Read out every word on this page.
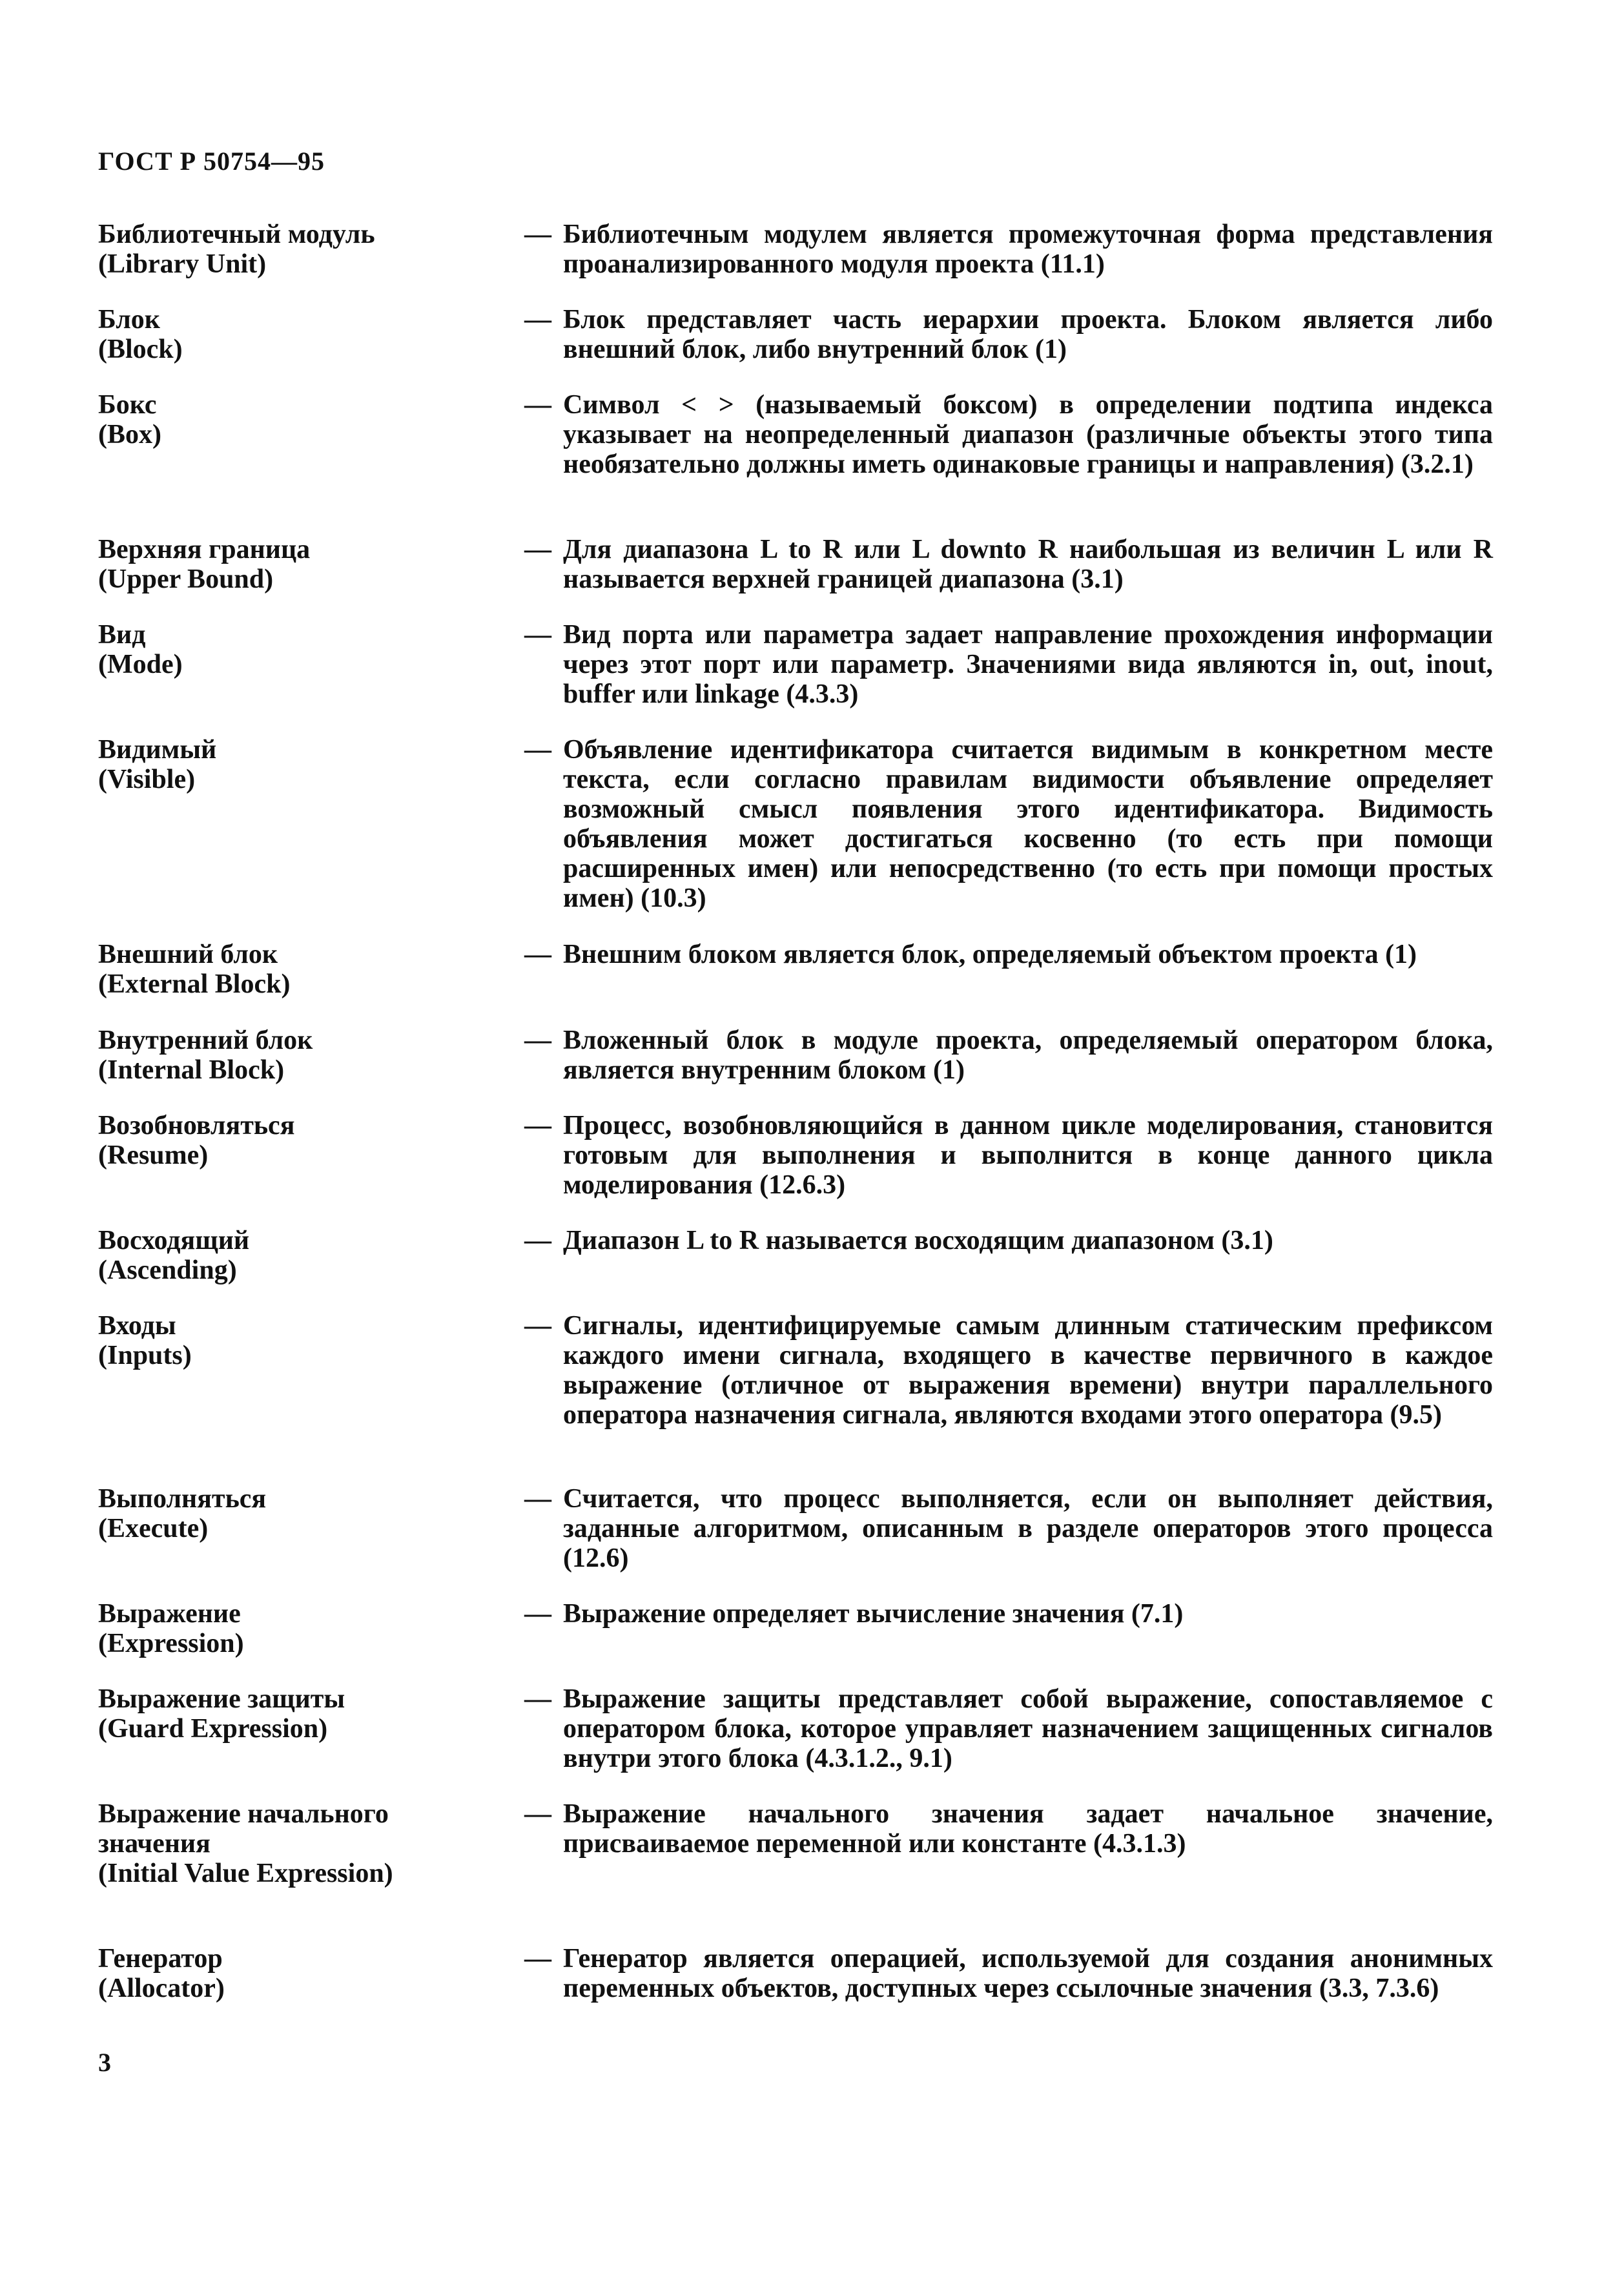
ГОСТ Р 50754—95
Библиотечный модуль
(Library Unit)
— Библиотечным модулем является промежуточная форма представления проанализированного модуля проекта (11.1)
Блок
(Block)
— Блок представляет часть иерархии проекта. Блоком является либо внешний блок, либо внутренний блок (1)
Бокс
(Box)
— Символ < > (называемый боксом) в определении подтипа индекса указывает на неопределенный диапазон (различные объекты этого типа необязательно должны иметь одинаковые границы и направления) (3.2.1)
Верхняя граница
(Upper Bound)
— Для диапазона L to R или L downto R наибольшая из величин L или R называется верхней границей диапазона (3.1)
Вид
(Mode)
— Вид порта или параметра задает направление прохождения информации через этот порт или параметр. Значениями вида являются in, out, inout, buffer или linkage (4.3.3)
Видимый
(Visible)
— Объявление идентификатора считается видимым в конкретном месте текста, если согласно правилам видимости объявление определяет возможный смысл появления этого идентификатора. Видимость объявления может достигаться косвенно (то есть при помощи расширенных имен) или непосредственно (то есть при помощи простых имен) (10.3)
Внешний блок
(External Block)
— Внешним блоком является блок, определяемый объектом проекта (1)
Внутренний блок
(Internal Block)
— Вложенный блок в модуле проекта, определяемый оператором блока, является внутренним блоком (1)
Возобновляться
(Resume)
— Процесс, возобновляющийся в данном цикле моделирования, становится готовым для выполнения и выполнится в конце данного цикла моделирования (12.6.3)
Восходящий
(Ascending)
— Диапазон L to R называется восходящим диапазоном (3.1)
Входы
(Inputs)
— Сигналы, идентифицируемые самым длинным статическим префиксом каждого имени сигнала, входящего в качестве первичного в каждое выражение (отличное от выражения времени) внутри параллельного оператора назначения сигнала, являются входами этого оператора (9.5)
Выполняться
(Execute)
— Считается, что процесс выполняется, если он выполняет действия, заданные алгоритмом, описанным в разделе операторов этого процесса (12.6)
Выражение
(Expression)
— Выражение определяет вычисление значения (7.1)
Выражение защиты
(Guard Expression)
— Выражение защиты представляет собой выражение, сопоставляемое с оператором блока, которое управляет назначением защищенных сигналов внутри этого блока (4.3.1.2., 9.1)
Выражение начального значения
(Initial Value Expression)
— Выражение начального значения задает начальное значение, присваиваемое переменной или константе (4.3.1.3)
Генератор
(Allocator)
— Генератор является операцией, используемой для создания анонимных переменных объектов, доступных через ссылочные значения (3.3, 7.3.6)
3
